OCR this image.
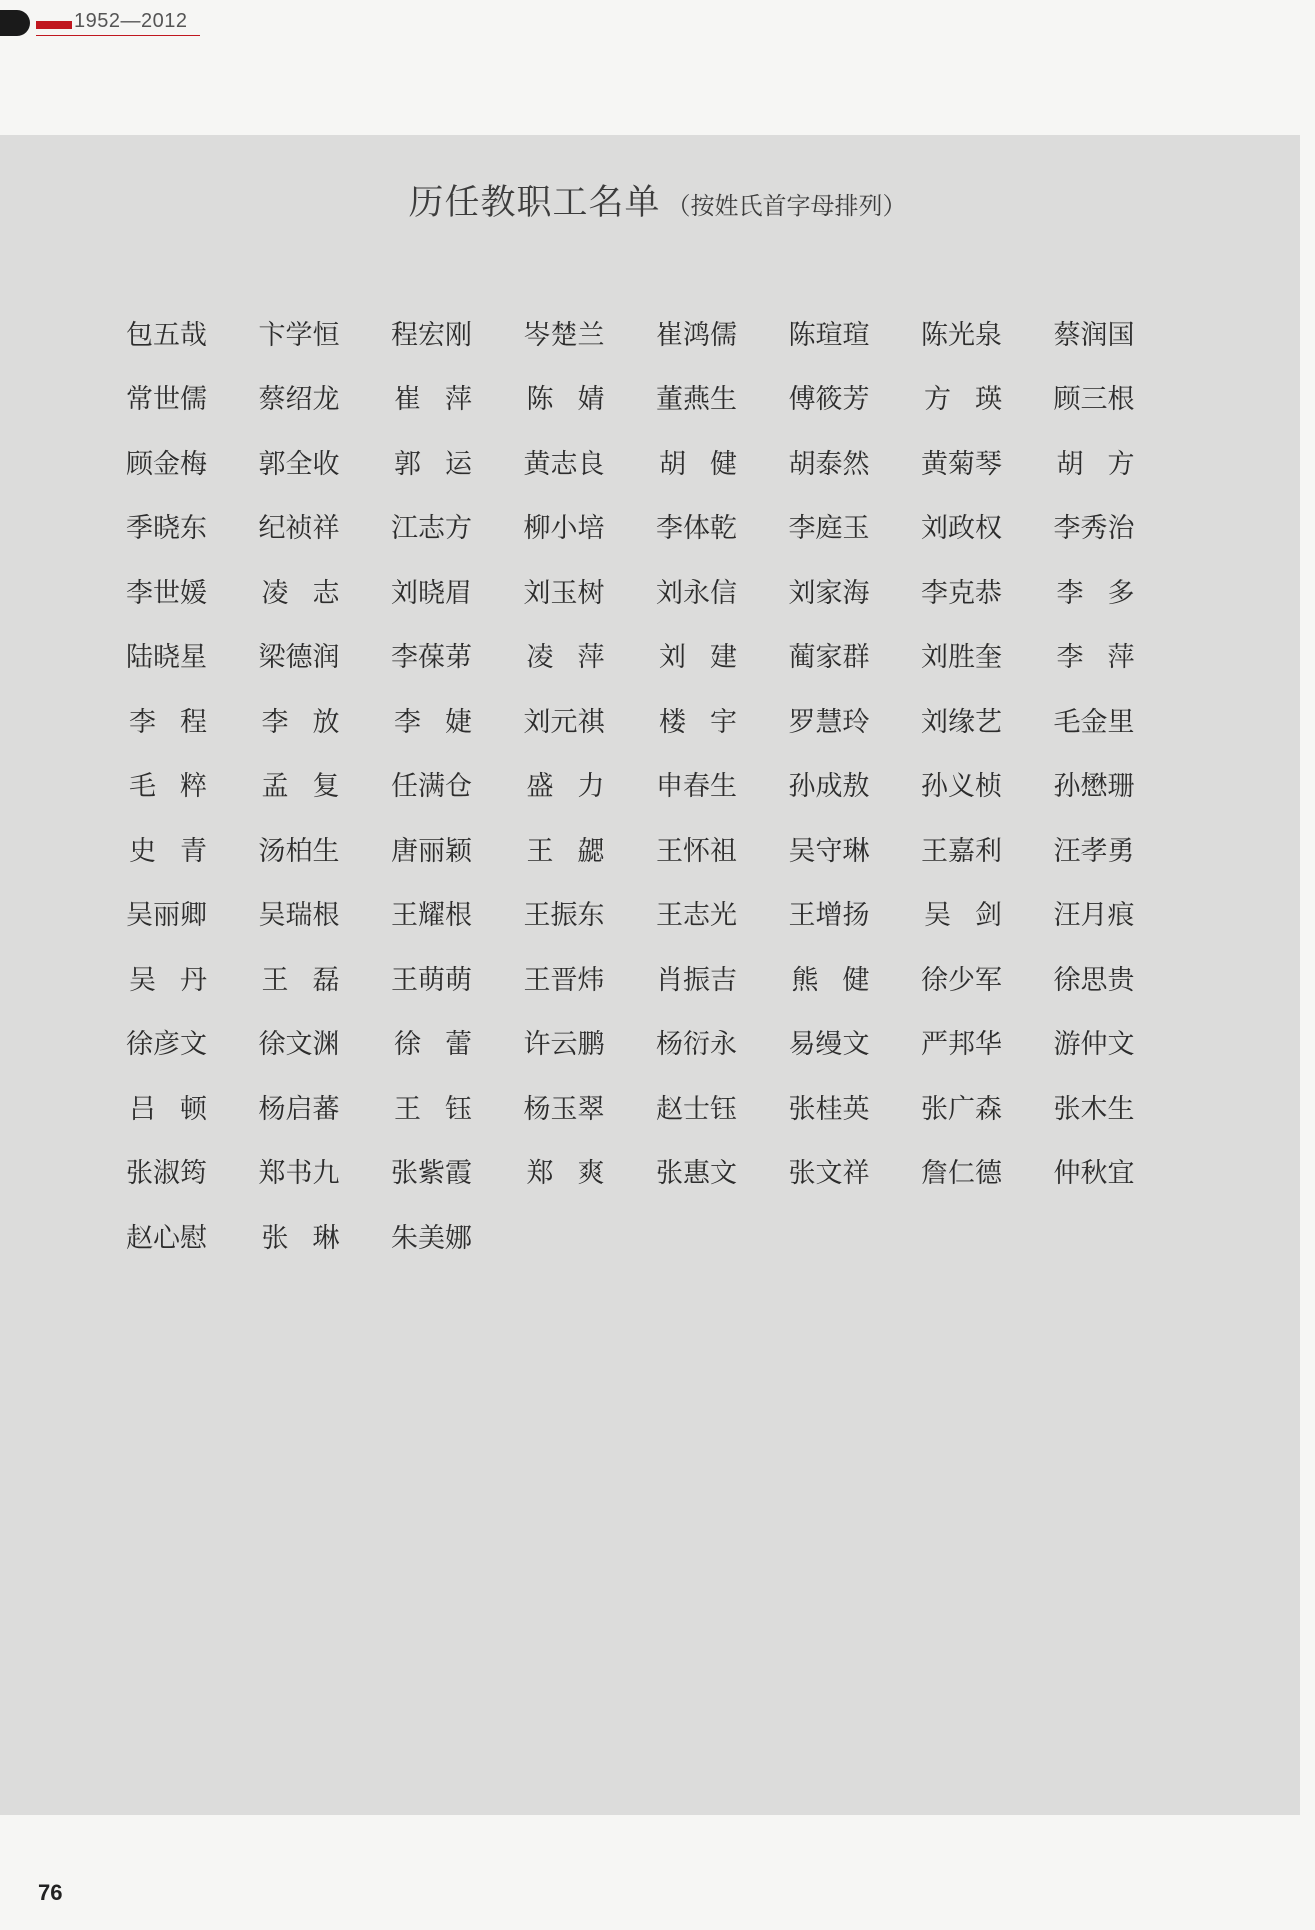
1952—2012
历任教职工名单 （按姓氏首字母排列）
包五哉 卞学恒 程宏刚 岑楚兰 崔鸿儒 陈瑄瑄 陈光泉 蔡润国
常世儒 蔡绍龙 崔 萍 陈 婧 董燕生 傅筱芳 方 瑛 顾三根
顾金梅 郭全收 郭 运 黄志良 胡 健 胡泰然 黄菊琴 胡 方
季晓东 纪祯祥 江志方 柳小培 李体乾 李庭玉 刘政权 李秀治
李世媛 凌 志 刘晓眉 刘玉树 刘永信 刘家海 李克恭 李 多
陆晓星 梁德润 李葆苐 凌 萍 刘 建 蔺家群 刘胜奎 李 萍
李 程 李 放 李 婕 刘元祺 楼 宇 罗慧玲 刘缘艺 毛金里
毛 粹 孟 复 任满仓 盛 力 申春生 孙成敖 孙义桢 孙懋珊
史 青 汤柏生 唐丽颖 王 勰 王怀祖 吴守琳 王嘉利 汪孝勇
吴丽卿 吴瑞根 王耀根 王振东 王志光 王增扬 吴 剑 汪月痕
吴 丹 王 磊 王萌萌 王晋炜 肖振吉 熊 健 徐少军 徐思贵
徐彦文 徐文渊 徐 蕾 许云鹏 杨衍永 易缦文 严邦华 游仲文
吕 顿 杨启蕃 王 钰 杨玉翠 赵士钰 张桂英 张广森 张木生
张淑筠 郑书九 张紫霞 郑 爽 张惠文 张文祥 詹仁德 仲秋宜
赵心慰 张 琳 朱美娜
76
